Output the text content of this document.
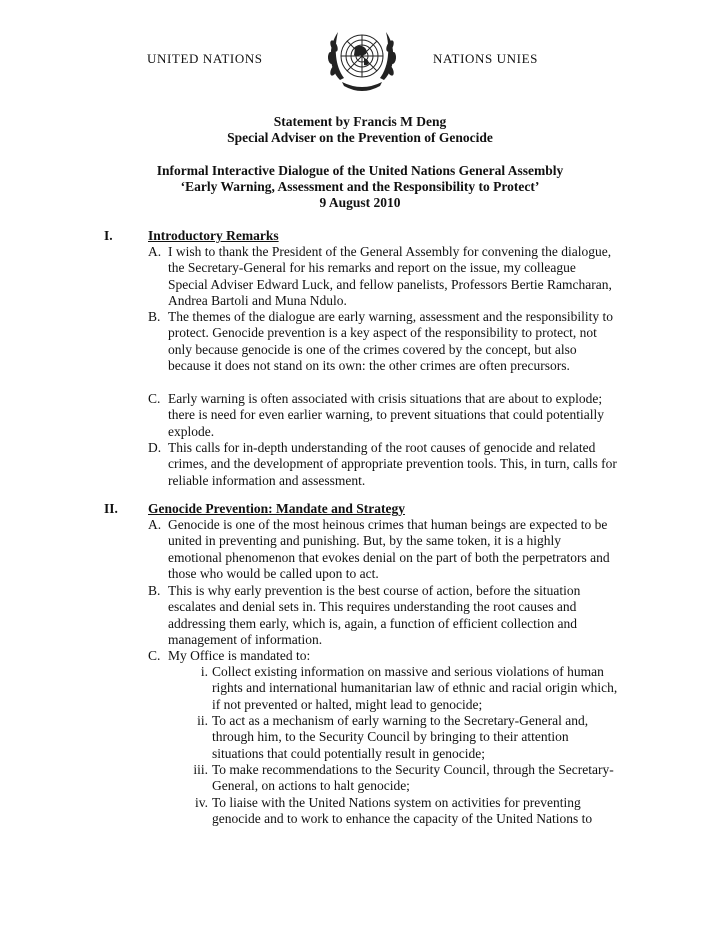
UNITED NATIONS	NATIONS UNIES
Statement by Francis M Deng
Special Adviser on the Prevention of Genocide
Informal Interactive Dialogue of the United Nations General Assembly
‘Early Warning, Assessment and the Responsibility to Protect’
9 August 2010
I.	Introductory Remarks
A. I wish to thank the President of the General Assembly for convening the dialogue, the Secretary-General for his remarks and report on the issue, my colleague Special Adviser Edward Luck, and fellow panelists, Professors Bertie Ramcharan, Andrea Bartoli and Muna Ndulo.
B. The themes of the dialogue are early warning, assessment and the responsibility to protect. Genocide prevention is a key aspect of the responsibility to protect, not only because genocide is one of the crimes covered by the concept, but also because it does not stand on its own: the other crimes are often precursors.
C. Early warning is often associated with crisis situations that are about to explode; there is need for even earlier warning, to prevent situations that could potentially explode.
D. This calls for in-depth understanding of the root causes of genocide and related crimes, and the development of appropriate prevention tools. This, in turn, calls for reliable information and assessment.
II. Genocide Prevention: Mandate and Strategy
A. Genocide is one of the most heinous crimes that human beings are expected to be united in preventing and punishing. But, by the same token, it is a highly emotional phenomenon that evokes denial on the part of both the perpetrators and those who would be called upon to act.
B. This is why early prevention is the best course of action, before the situation escalates and denial sets in. This requires understanding the root causes and addressing them early, which is, again, a function of efficient collection and management of information.
C. My Office is mandated to:
i. Collect existing information on massive and serious violations of human rights and international humanitarian law of ethnic and racial origin which, if not prevented or halted, might lead to genocide;
ii. To act as a mechanism of early warning to the Secretary-General and, through him, to the Security Council by bringing to their attention situations that could potentially result in genocide;
iii. To make recommendations to the Security Council, through the Secretary-General, on actions to halt genocide;
iv. To liaise with the United Nations system on activities for preventing genocide and to work to enhance the capacity of the United Nations to
